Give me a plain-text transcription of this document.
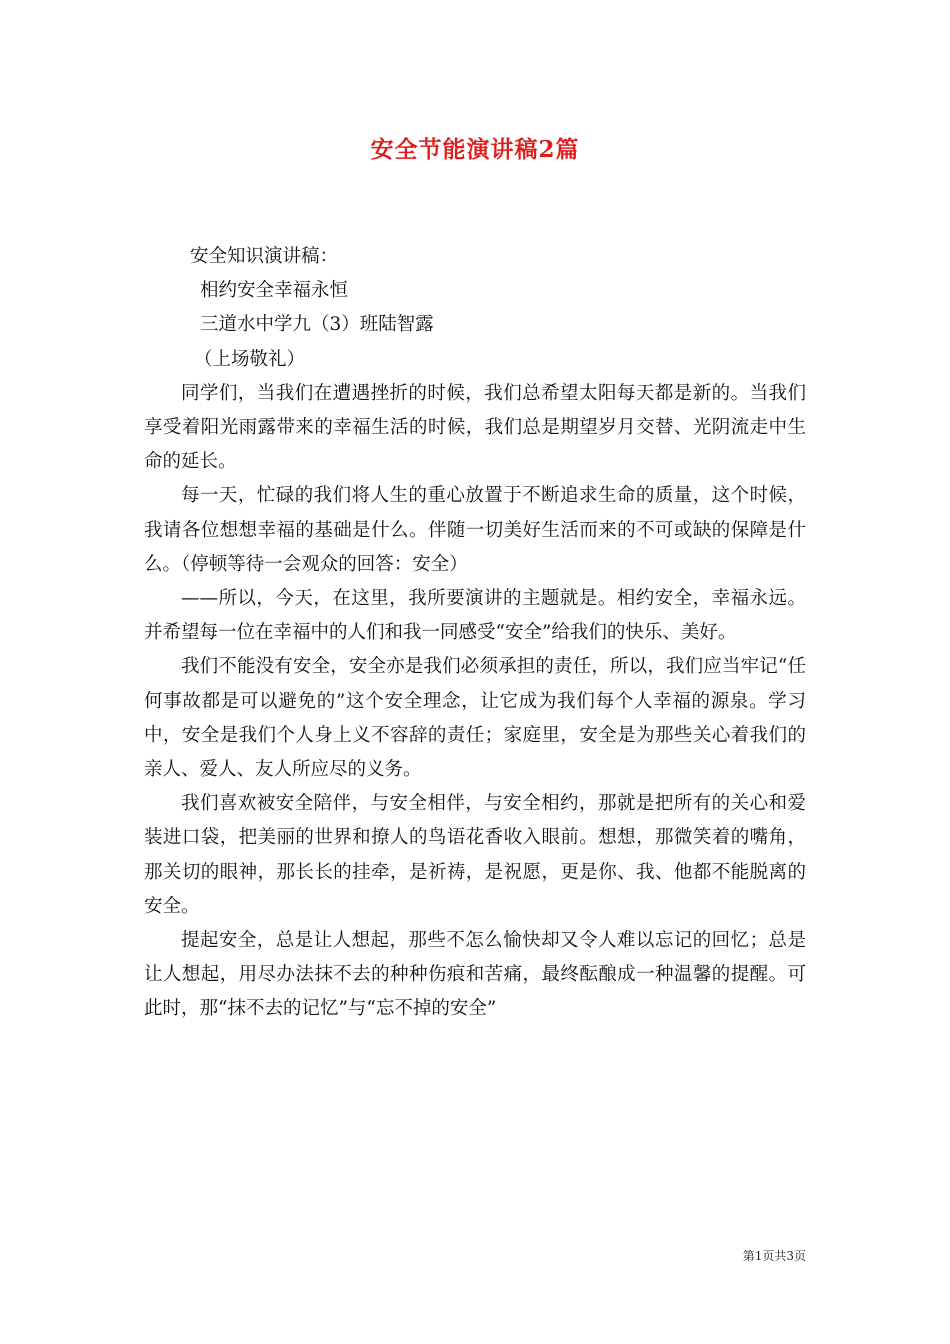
安全节能演讲稿2篇

安全知识演讲稿：

相约安全幸福永恒

三道水中学九（3）班陆智露

（上场敬礼）

同学们，当我们在遭遇挫折的时候，我们总希望太阳每天都是新的。当我们享受着阳光雨露带来的幸福生活的时候，我们总是期望岁月交替、光阴流走中生命的延长。

每一天，忙碌的我们将人生的重心放置于不断追求生命的质量，这个时候，我请各位想想幸福的基础是什么。伴随一切美好生活而来的不可或缺的保障是什么。（停顿等待一会观众的回答：安全）

——所以，今天，在这里，我所要演讲的主题就是。相约安全，幸福永远。并希望每一位在幸福中的人们和我一同感受“安全”给我们的快乐、美好。

我们不能没有安全，安全亦是我们必须承担的责任，所以，我们应当牢记“任何事故都是可以避免的”这个安全理念，让它成为我们每个人幸福的源泉。学习中，安全是我们个人身上义不容辞的责任；家庭里，安全是为那些关心着我们的亲人、爱人、友人所应尽的义务。

我们喜欢被安全陪伴，与安全相伴，与安全相约，那就是把所有的关心和爱装进口袋，把美丽的世界和撩人的鸟语花香收入眼前。想想，那微笑着的嘴角，那关切的眼神，那长长的挂牵，是祈祷，是祝愿，更是你、我、他都不能脱离的安全。

提起安全，总是让人想起，那些不怎么愉快却又令人难以忘记的回忆；总是让人想起，用尽办法抹不去的种种伤痕和苦痛，最终酝酿成一种温馨的提醒。可此时，那“抹不去的记忆”与“忘不掉的安全”

第1页共3页
